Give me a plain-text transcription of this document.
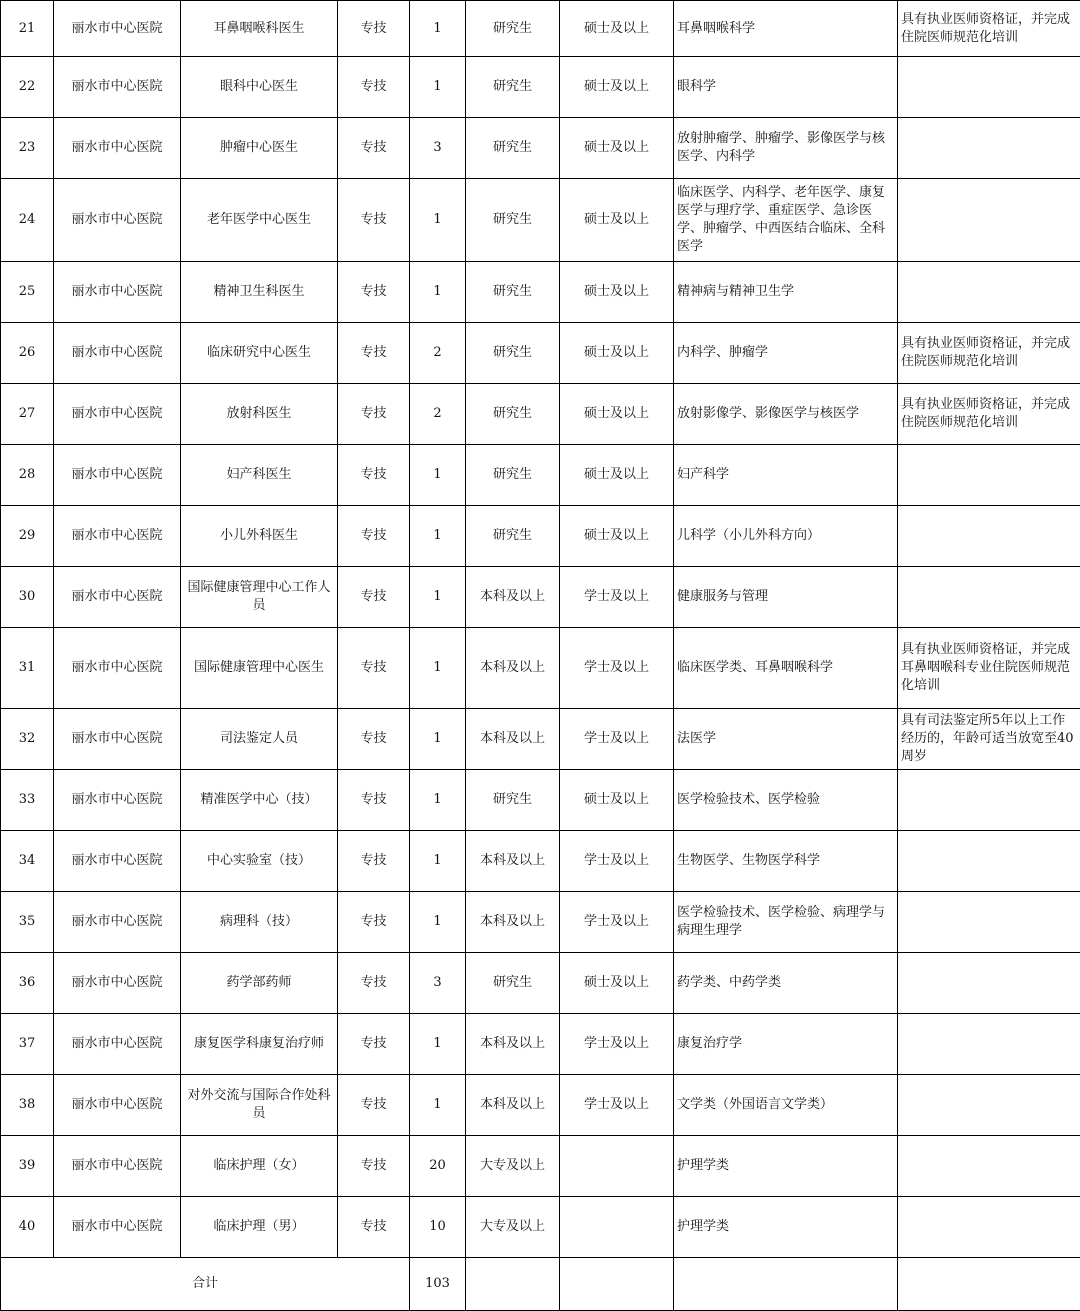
21	丽水市中心医院	耳鼻咽喉科医生	专技	1	研究生	硕士及以上	耳鼻咽喉科学	具有执业医师资格证，并完成住院医师规范化培训
22	丽水市中心医院	眼科中心医生	专技	1	研究生	硕士及以上	眼科学	
23	丽水市中心医院	肿瘤中心医生	专技	3	研究生	硕士及以上	放射肿瘤学、肿瘤学、影像医学与核医学、内科学	
24	丽水市中心医院	老年医学中心医生	专技	1	研究生	硕士及以上	临床医学、内科学、老年医学、康复医学与理疗学、重症医学、急诊医学、肿瘤学、中西医结合临床、全科医学	
25	丽水市中心医院	精神卫生科医生	专技	1	研究生	硕士及以上	精神病与精神卫生学	
26	丽水市中心医院	临床研究中心医生	专技	2	研究生	硕士及以上	内科学、肿瘤学	具有执业医师资格证，并完成住院医师规范化培训
27	丽水市中心医院	放射科医生	专技	2	研究生	硕士及以上	放射影像学、影像医学与核医学	具有执业医师资格证，并完成住院医师规范化培训
28	丽水市中心医院	妇产科医生	专技	1	研究生	硕士及以上	妇产科学	
29	丽水市中心医院	小儿外科医生	专技	1	研究生	硕士及以上	儿科学（小儿外科方向）	
30	丽水市中心医院	国际健康管理中心工作人员	专技	1	本科及以上	学士及以上	健康服务与管理	
31	丽水市中心医院	国际健康管理中心医生	专技	1	本科及以上	学士及以上	临床医学类、耳鼻咽喉科学	具有执业医师资格证，并完成耳鼻咽喉科专业住院医师规范化培训
32	丽水市中心医院	司法鉴定人员	专技	1	本科及以上	学士及以上	法医学	具有司法鉴定所5年以上工作经历的，年龄可适当放宽至40周岁
33	丽水市中心医院	精准医学中心（技）	专技	1	研究生	硕士及以上	医学检验技术、医学检验	
34	丽水市中心医院	中心实验室（技）	专技	1	本科及以上	学士及以上	生物医学、生物医学科学	
35	丽水市中心医院	病理科（技）	专技	1	本科及以上	学士及以上	医学检验技术、医学检验、病理学与病理生理学	
36	丽水市中心医院	药学部药师	专技	3	研究生	硕士及以上	药学类、中药学类	
37	丽水市中心医院	康复医学科康复治疗师	专技	1	本科及以上	学士及以上	康复治疗学	
38	丽水市中心医院	对外交流与国际合作处科员	专技	1	本科及以上	学士及以上	文学类（外国语言文学类）	
39	丽水市中心医院	临床护理（女）	专技	20	大专及以上		护理学类	
40	丽水市中心医院	临床护理（男）	专技	10	大专及以上		护理学类	
合计				103				
